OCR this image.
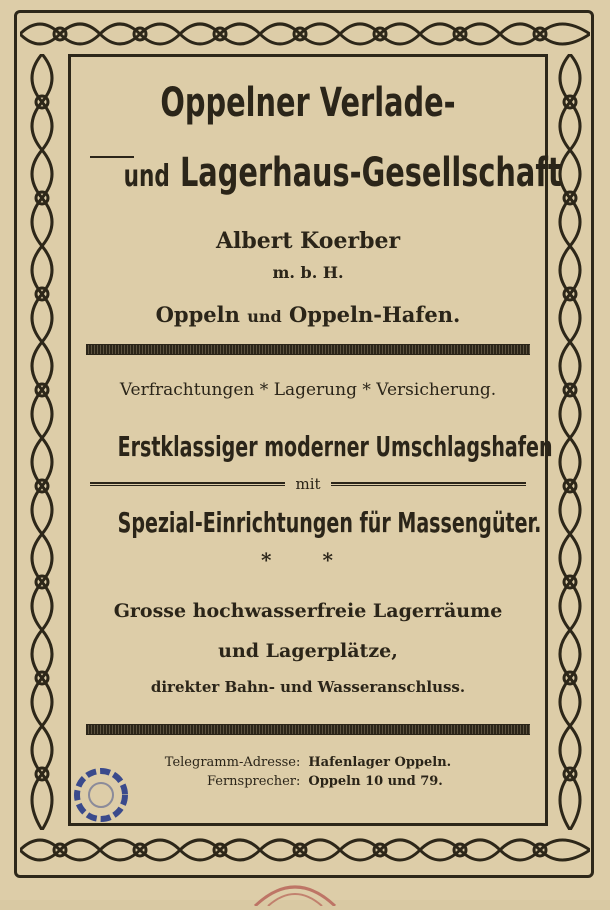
Oppelner Verlade-
und Lagerhaus-Gesellschaft
Albert Koerber
m. b. H.
Oppeln und Oppeln-Hafen.
Verfrachtungen * Lagerung * Versicherung.
Erstklassiger moderner Umschlagshafen
mit
Spezial-Einrichtungen für Massengüter.
* *
Grosse hochwasserfreie Lagerräume
und Lagerplätze,
direkter Bahn- und Wasseranschluss.
Telegramm-Adresse:	Hafenlager Oppeln.
Fernsprecher:	Oppeln 10 und 79.
